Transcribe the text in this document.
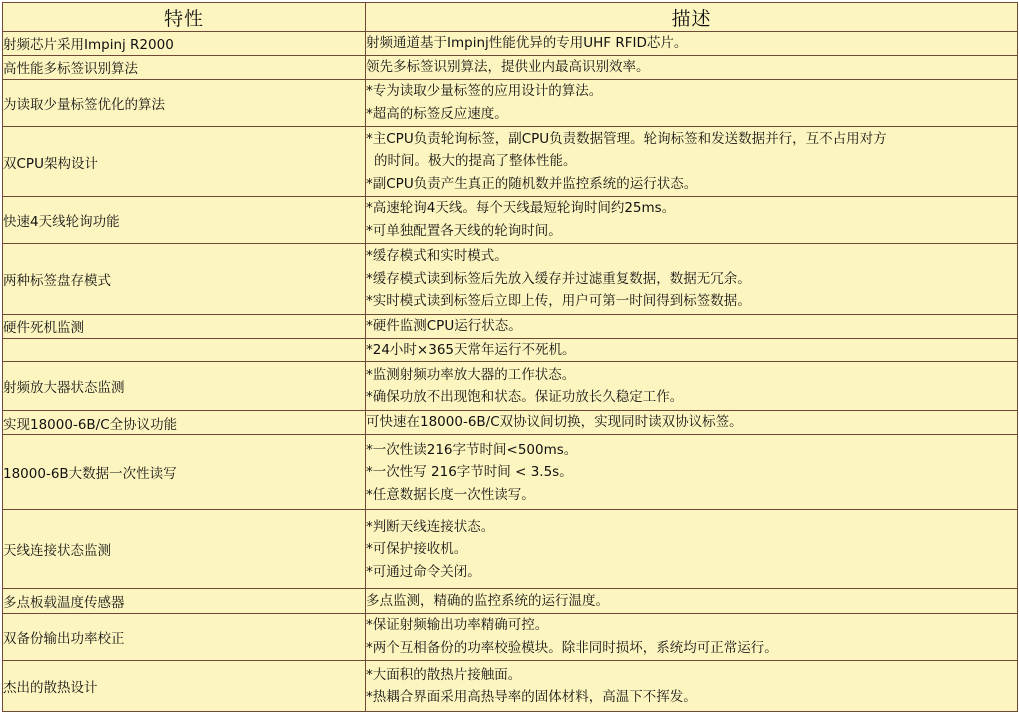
特性	描述
射频芯片采用Impinj R2000	射频通道基于Impinj性能优异的专用UHF RFID芯片。

高性能多标签识别算法	领先多标签识别算法，提供业内最高识别效率。

为读取少量标签优化的算法	*专为读取少量标签的应用设计的算法。
*超高的标签反应速度。

双CPU架构设计	*主CPU负责轮询标签，副CPU负责数据管理。轮询标签和发送数据并行，互不占用对方
的时间。极大的提高了整体性能。
*副CPU负责产生真正的随机数并监控系统的运行状态。

快速4天线轮询功能	*高速轮询4天线。每个天线最短轮询时间约25ms。
*可单独配置各天线的轮询时间。

两种标签盘存模式	*缓存模式和实时模式。
*缓存模式读到标签后先放入缓存并过滤重复数据，数据无冗余。
*实时模式读到标签后立即上传，用户可第一时间得到标签数据。

硬件死机监测	*硬件监测CPU运行状态。

	*24小时×365天常年运行不死机。

射频放大器状态监测	*监测射频功率放大器的工作状态。
*确保功放不出现饱和状态。保证功放长久稳定工作。

实现18000-6B/C全协议功能	可快速在18000-6B/C双协议间切换，实现同时读双协议标签。

18000-6B大数据一次性读写	*一次性读216字节时间<500ms。
*一次性写 216字节时间 < 3.5s。
*任意数据长度一次性读写。

天线连接状态监测	*判断天线连接状态。
*可保护接收机。
*可通过命令关闭。

多点板载温度传感器	多点监测，精确的监控系统的运行温度。

双备份输出功率校正	*保证射频输出功率精确可控。
*两个互相备份的功率校验模块。除非同时损坏，系统均可正常运行。

杰出的散热设计	*大面积的散热片接触面。
*热耦合界面采用高热导率的固体材料，高温下不挥发。
